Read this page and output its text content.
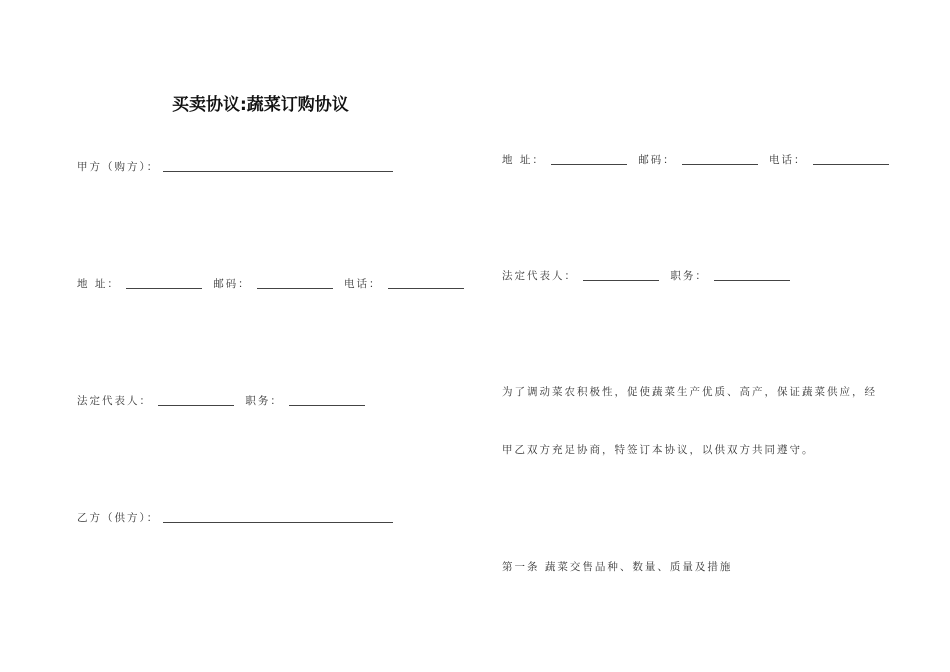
买卖协议:蔬菜订购协议
甲方（购方）：
地 址：	邮码：	电话：
法定代表人：	职务：
乙方（供方）：
地 址：	邮码：	电话：
法定代表人：	职务：
为了调动菜农积极性，促使蔬菜生产优质、高产，保证蔬菜供应，经
甲乙双方充足协商，特签订本协议，以供双方共同遵守。
第一条 蔬菜交售品种、数量、质量及措施
